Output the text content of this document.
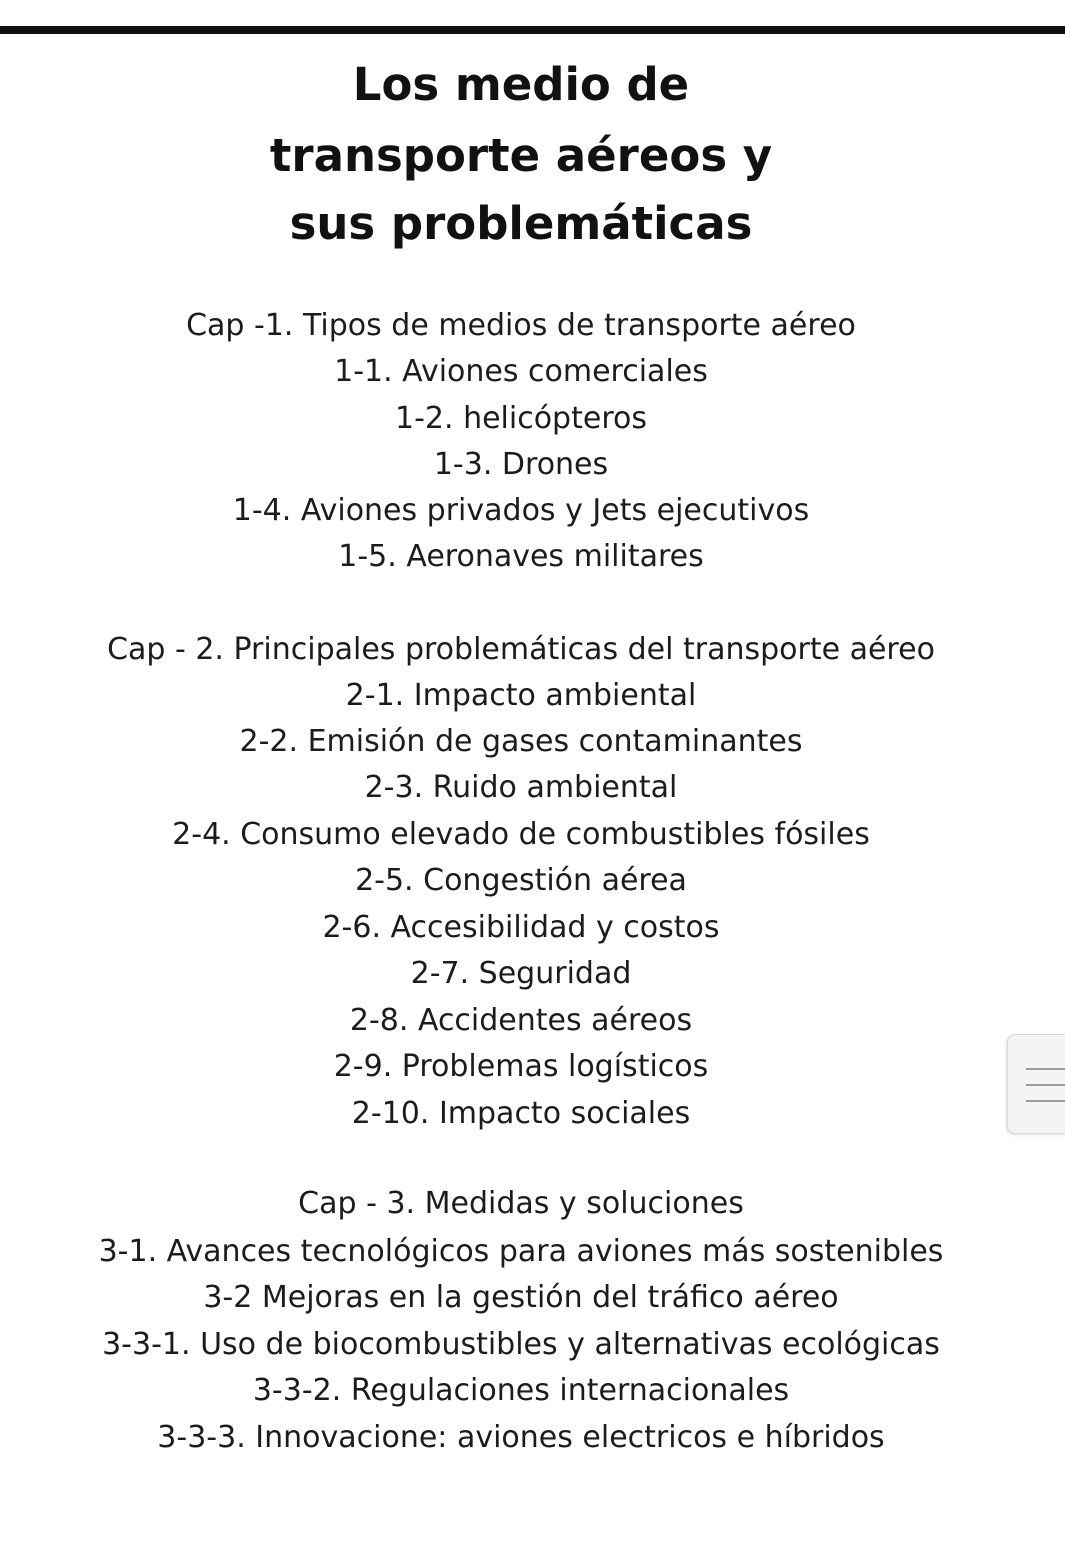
Los medio de
transporte aéreos y
sus problemáticas
Cap -1. Tipos de medios de transporte aéreo
1-1. Aviones comerciales
1-2. helicópteros
1-3. Drones
1-4. Aviones privados y Jets ejecutivos
1-5. Aeronaves militares
Cap - 2. Principales problemáticas del transporte aéreo
2-1. Impacto ambiental
2-2. Emisión de gases contaminantes
2-3. Ruido ambiental
2-4. Consumo elevado de combustibles fósiles
2-5. Congestión aérea
2-6. Accesibilidad y costos
2-7. Seguridad
2-8. Accidentes aéreos
2-9. Problemas logísticos
2-10. Impacto sociales
Cap - 3. Medidas y soluciones
3-1. Avances tecnológicos para aviones más sostenibles
3-2 Mejoras en la gestión del tráfico aéreo
3-3-1. Uso de biocombustibles y alternativas ecológicas
3-3-2. Regulaciones internacionales
3-3-3. Innovacione: aviones electricos e híbridos
